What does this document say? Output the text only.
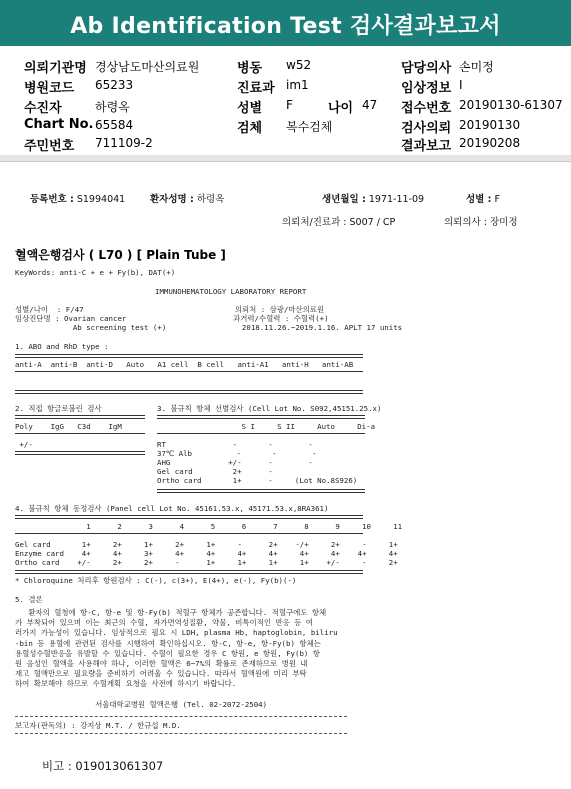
Ab Identification Test 검사결과보고서
의뢰기관명 경상남도마산의료원
병원코드 65233
수진자	하령옥
Chart No. 65584
주민번호 711109-2
병동 w52
진료과 im1
성별 F	나이 47
검체 복수검체
담당의사 손미정
임상정보 I
접수번호 20190130-61307
검사의뢰 20190130
결과보고 20190208
등록번호 : S1994041	환자성명 : 하령옥	생년월일 : 1971-11-09	성별 : F
의뢰처/진료과 : S007 / CP	의뢰의사 : 장미정
혈액은행검사 ( L70 ) [ Plain Tube ]
KeyWords: anti-C + e + Fy(b), DAT(+)
IMMUNOHEMATOLOGY LABORATORY REPORT
성별/나이  : F/47                                  의뢰처 : 삼광/마산의료원
임상진단명 : Ovarian cancer                        과거력/수혈력 : 수혈력(+)
Ab screening test (+)                 2018.11.26.~2019.1.16. APLT 17 units
1. ABO and RhD type :
anti-A  anti-B  anti-D   Auto   A1 cell  B cell   anti-A1   anti-H   anti-AB
2. 직접 항글로불린 검사
Poly    IgG   C3d    IgM
+/-
3. 불규칙 항체 선별검사 (Cell Lot No. S092,45151.25.x)
S I     S II     Auto     Di-a
RT               -       -        -
37℃ Alb          -       -        -
AHG             +/-      -        -
Gel card         2+      -
Ortho card       1+      -     (Lot No.8S926)
4. 불규칙 항체 동정검사 (Panel cell Lot No. 45161.53.x, 45171.53.x,8RA361)
1      2      3      4      5      6      7      8      9     10     11
Gel card       1+     2+     1+     2+     1+     -      2+    -/+     2+     -     1+
Enzyme card    4+     4+     3+     4+     4+     4+     4+     4+     4+    4+     4+
Ortho card    +/-     2+     2+     -      1+     1+     1+     1+    +/-     -     2+
* Chloroquine 처리후 항원검사 : C(-), c(3+), E(4+), e(-), Fy(b)(-)
5. 결론
환자의 혈청에 항-C, 항-e 및 항-Fy(b) 적혈구 항체가 공존합니다. 적혈구에도 항체
가 부착되어 있으며 이는 최근의 수혈, 자가면역성질환, 약물, 비특이적인 반응 등 여
러가지 가능성이 있습니다. 임상적으로 필요 시 LDH, plasma Hb, haptoglobin, biliru
-bin 등 용혈에 관련된 검사를 시행하여 확인하십시오. 항-C, 항-e, 항-Fy(b) 항체는
용혈성수혈반응을 유발할 수 있습니다. 수혈이 필요한 경우 C 항원, e 항원, Fy(b) 항
원 음성인 혈액을 사용해야 하나, 이러한 혈액은 6~7%의 확률로 존재하므로 병원 내
재고 혈액만으로 필요량을 준비하기 어려울 수 있습니다. 따라서 혈액원에 미리 부탁
하여 확보해야 하므로 수혈계획 요청을 사전에 하시기 바랍니다.

서울대학교병원 혈액은행 (Tel. 02-2072-2504)
보고자(판독의) : 강지상 M.T. / 한규섭 M.D.
비고 : 019013061307
